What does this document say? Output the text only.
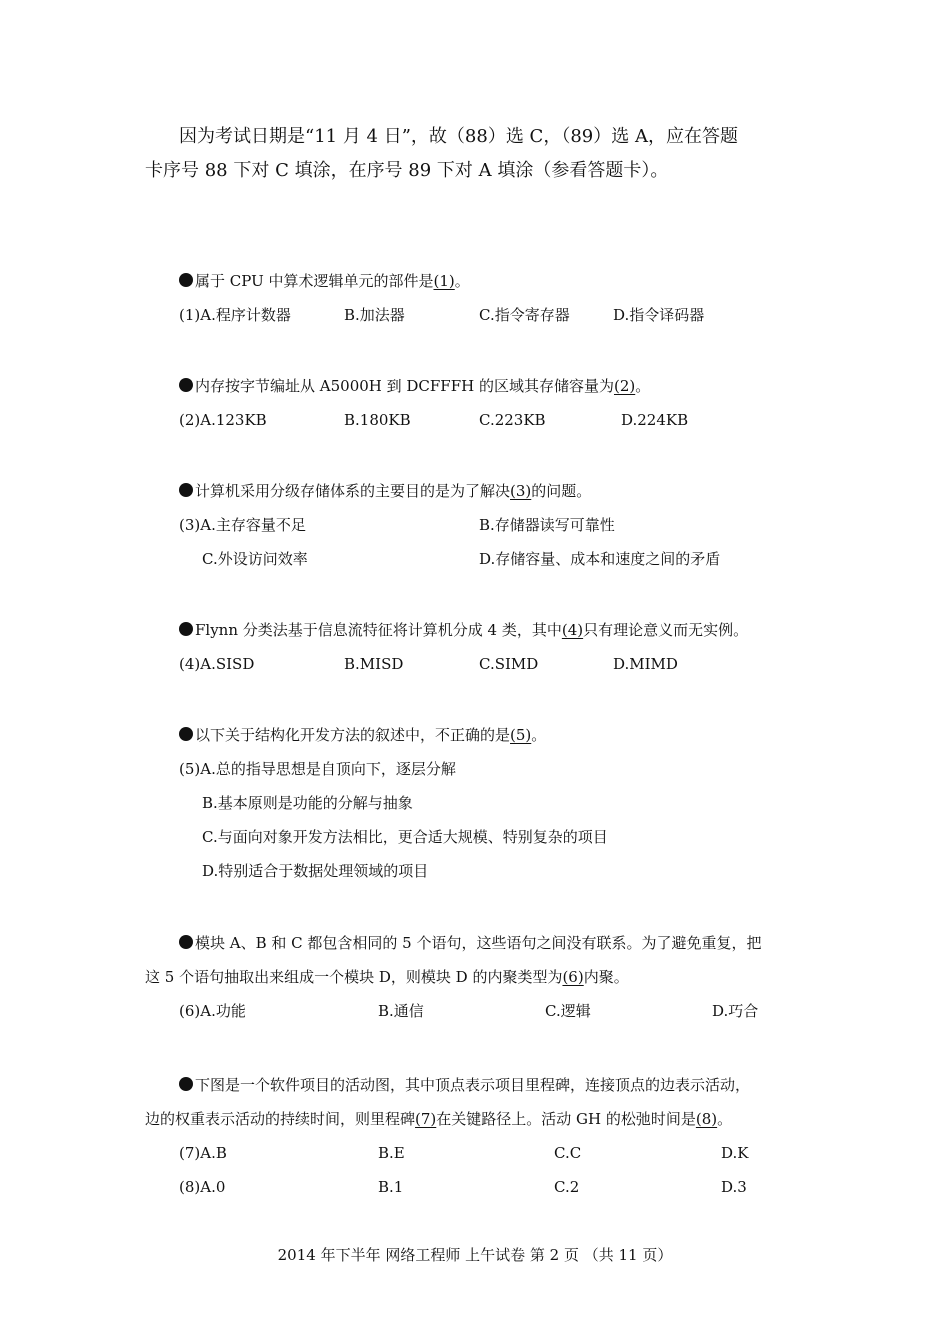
因为考试日期是“11 月 4 日”，故（88）选 C，（89）选 A，应在答题

卡序号 88 下对 C 填涂，在序号 89 下对 A 填涂（参看答题卡）。

属于 CPU 中算术逻辑单元的部件是(1)。
(1)A.程序计数器	B.加法器	C.指令寄存器	D.指令译码器
内存按字节编址从 A5000H 到 DCFFFH 的区域其存储容量为(2)。
(2)A.123KB	B.180KB	C.223KB	D.224KB
计算机采用分级存储体系的主要目的是为了解决(3)的问题。
(3)A.主存容量不足	B.存储器读写可靠性
C.外设访问效率	D.存储容量、成本和速度之间的矛盾
Flynn 分类法基于信息流特征将计算机分成 4 类，其中(4)只有理论意义而无实例。
(4)A.SISD	B.MISD	C.SIMD	D.MIMD
以下关于结构化开发方法的叙述中，不正确的是(5)。
(5)A.总的指导思想是自顶向下，逐层分解
B.基本原则是功能的分解与抽象
C.与面向对象开发方法相比，更合适大规模、特别复杂的项目
D.特别适合于数据处理领域的项目
模块 A、B 和 C 都包含相同的 5 个语句，这些语句之间没有联系。为了避免重复，把
这 5 个语句抽取出来组成一个模块 D，则模块 D 的内聚类型为(6)内聚。
(6)A.功能	B.通信	C.逻辑	D.巧合
下图是一个软件项目的活动图，其中顶点表示项目里程碑，连接顶点的边表示活动，
边的权重表示活动的持续时间，则里程碑(7)在关键路径上。活动 GH 的松弛时间是(8)。
(7)A.B	B.E	C.C	D.K
(8)A.0	B.1	C.2	D.3
2014 年下半年 网络工程师 上午试卷 第 2 页 （共 11 页）
